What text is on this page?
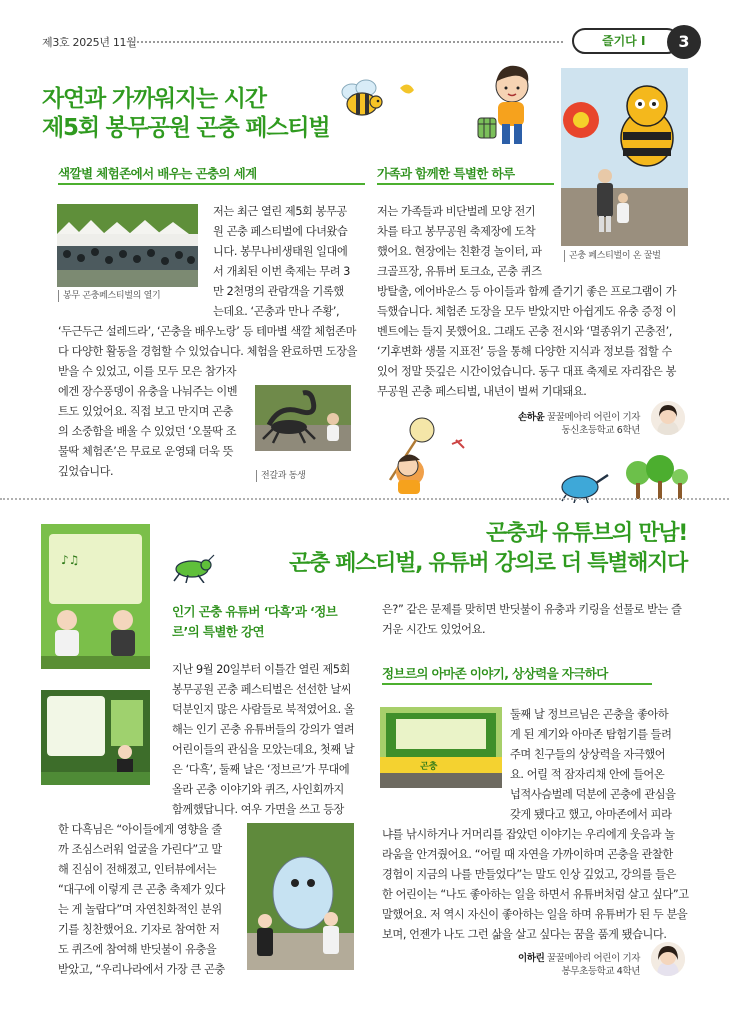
제3호 2025년 11월	즐기다 I	3
자연과 가까워지는 시간
제5회 봉무공원 곤충 페스티벌
색깔별 체험존에서 배우는 곤충의 세계
봉무 곤충페스티벌의 열기
저는 최근 열린 제5회 봉무공
원 곤충 페스티벌에 다녀왔습
니다. 봉무나비생태원 일대에
서 개최된 이번 축제는 무려 3
만 2천명의 관람객을 기록했
는데요. ‘곤충과 만나 주황’,
‘두근두근 설레드라’, ‘곤충을 배우노랑’ 등 테마별 색깔 체험존마
다 다양한 활동을 경험할 수 있었습니다. 체험을 완료하면 도장을
받을 수 있었고, 이를 모두 모은 참가자
에겐 장수풍뎅이 유충을 나눠주는 이벤
트도 있었어요. 직접 보고 만지며 곤충
의 소중함을 배울 수 있었던 ‘오물딱 조
물딱 체험존’은 무료로 운영돼 더욱 뜻
깊었습니다.	전갈과 동생
가족과 함께한 특별한 하루
곤충 페스티벌이 온 꿀벌
저는 가족들과 비단벌레 모양 전기
차를 타고 봉무공원 축제장에 도착
했어요. 현장에는 친환경 놀이터, 파
크골프장, 유튜버 토크쇼, 곤충 퀴즈
방탈출, 에어바운스 등 아이들과 함께 즐기기 좋은 프로그램이 가
득했습니다. 체험존 도장을 모두 받았지만 아쉽게도 유충 증정 이
벤트에는 들지 못했어요. 그래도 곤충 전시와 ‘멸종위기 곤충전’,
‘기후변화 생물 지표전’ 등을 통해 다양한 지식과 정보를 접할 수
있어 정말 뜻깊은 시간이었습니다. 동구 대표 축제로 자리잡은 봉
무공원 곤충 페스티벌, 내년이 벌써 기대돼요.
손하윤 꿀꿀메아리 어린이 기자
동신초등학교 6학년
곤충과 유튜브의 만남!
곤충 페스티벌, 유튜버 강의로 더 특별해지다
♪♫
인기 곤충 유튜버 ‘다흑’과 ‘정브
르’의 특별한 강연
지난 9월 20일부터 이틀간 열린 제5회
봉무공원 곤충 페스티벌은 선선한 날씨
덕분인지 많은 사람들로 북적였어요. 올
해는 인기 곤충 유튜버들의 강의가 열려
어린이들의 관심을 모았는데요, 첫째 날
은 ‘다흑’, 둘째 날은 ‘정브르’가 무대에
올라 곤충 이야기와 퀴즈, 사인회까지
함께했답니다. 여우 가면을 쓰고 등장
한 다흑님은 “아이들에게 영향을 줄
까 조심스러워 얼굴을 가린다”고 말
해 진심이 전해졌고, 인터뷰에서는
“대구에 이렇게 큰 곤충 축제가 있다
는 게 놀랍다”며 자연친화적인 분위
기를 칭찬했어요. 기자로 참여한 저
도 퀴즈에 참여해 반딧불이 유충을
받았고, “우리나라에서 가장 큰 곤충
은?” 같은 문제를 맞히면 반딧불이 유충과 키링을 선물로 받는 즐
거운 시간도 있었어요.
정브르의 아마존 이야기, 상상력을 자극하다
곤충
둘째 날 정브르님은 곤충을 좋아하
게 된 계기와 아마존 탐험기를 들려
주며 친구들의 상상력을 자극했어
요. 어릴 적 잠자리채 안에 들어온
넙적사슴벌레 덕분에 곤충에 관심을
갖게 됐다고 했고, 아마존에서 피라
냐를 낚시하거나 거머리를 잡았던 이야기는 우리에게 웃음과 놀
라움을 안겨줬어요. “어릴 때 자연을 가까이하며 곤충을 관찰한
경험이 지금의 나를 만들었다”는 말도 인상 깊었고, 강의를 들은
한 어린이는 “나도 좋아하는 일을 하면서 유튜버처럼 살고 싶다”고
말했어요. 저 역시 자신이 좋아하는 일을 하며 유튜버가 된 두 분을
보며, 언젠가 나도 그런 삶을 살고 싶다는 꿈을 품게 됐습니다.
이하린 꿀꿀메아리 어린이 기자
봉무초등학교 4학년
